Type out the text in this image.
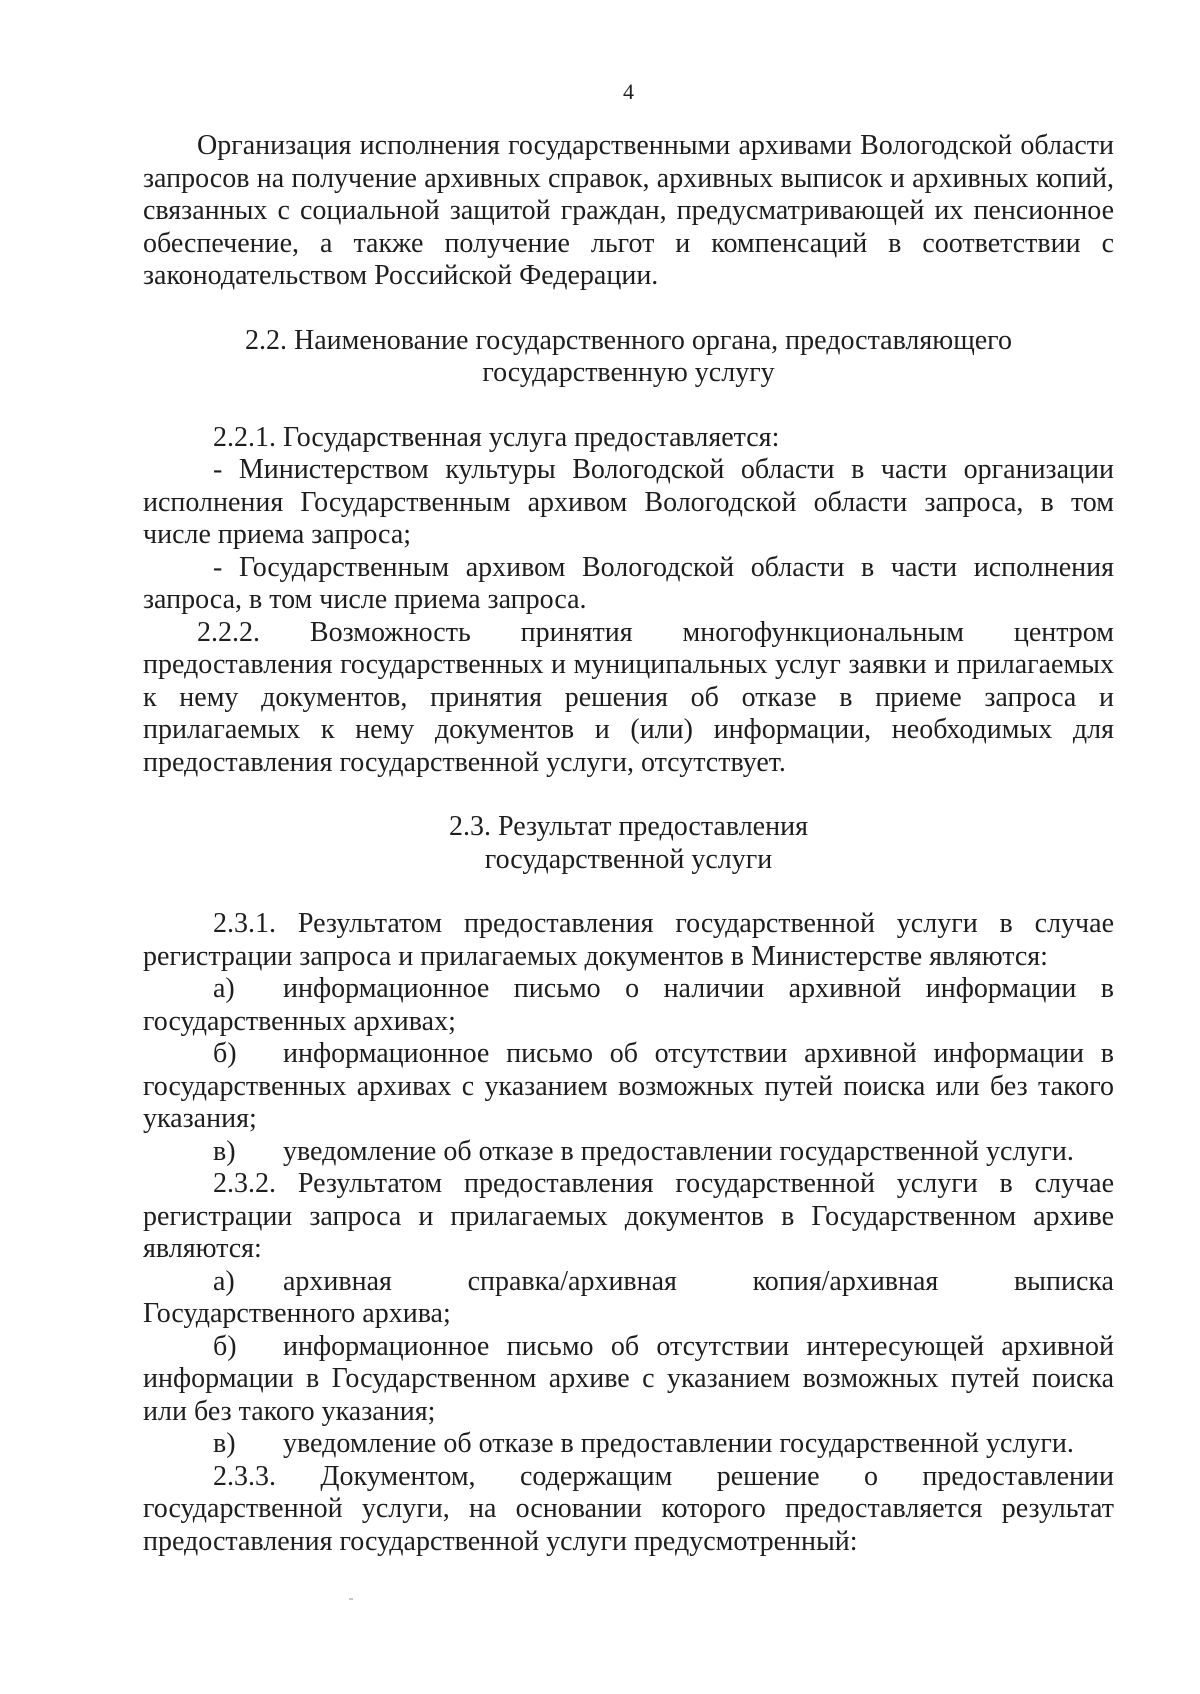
4

Организация исполнения государственными архивами Вологодской области запросов на получение архивных справок, архивных выписок и архивных копий, связанных с социальной защитой граждан, предусматривающей их пенсионное обеспечение, а также получение льгот и компенсаций в соответствии с законодательством Российской Федерации.

2.2. Наименование государственного органа, предоставляющего
государственную услугу

2.2.1. Государственная услуга предоставляется:

- Министерством культуры Вологодской области в части организации исполнения Государственным архивом Вологодской области запроса, в том числе приема запроса;

- Государственным архивом Вологодской области в части исполнения запроса, в том числе приема запроса.

2.2.2. Возможность принятия многофункциональным центром предоставления государственных и муниципальных услуг заявки и прилагаемых к нему документов, принятия решения об отказе в приеме запроса и прилагаемых к нему документов и (или) информации, необходимых для предоставления государственной услуги, отсутствует.

2.3. Результат предоставления
государственной услуги

2.3.1. Результатом предоставления государственной услуги в случае регистрации запроса и прилагаемых документов в Министерстве являются:

а) информационное письмо о наличии архивной информации в государственных архивах;

б) информационное письмо об отсутствии архивной информации в государственных архивах с указанием возможных путей поиска или без такого указания;

в) уведомление об отказе в предоставлении государственной услуги.

2.3.2. Результатом предоставления государственной услуги в случае регистрации запроса и прилагаемых документов в Государственном архиве являются:

а) архивная справка/архивная копия/архивная выписка Государственного архива;

б) информационное письмо об отсутствии интересующей архивной информации в Государственном архиве с указанием возможных путей поиска или без такого указания;

в) уведомление об отказе в предоставлении государственной услуги.

2.3.3. Документом, содержащим решение о предоставлении государственной услуги, на основании которого предоставляется результат предоставления государственной услуги предусмотренный:
